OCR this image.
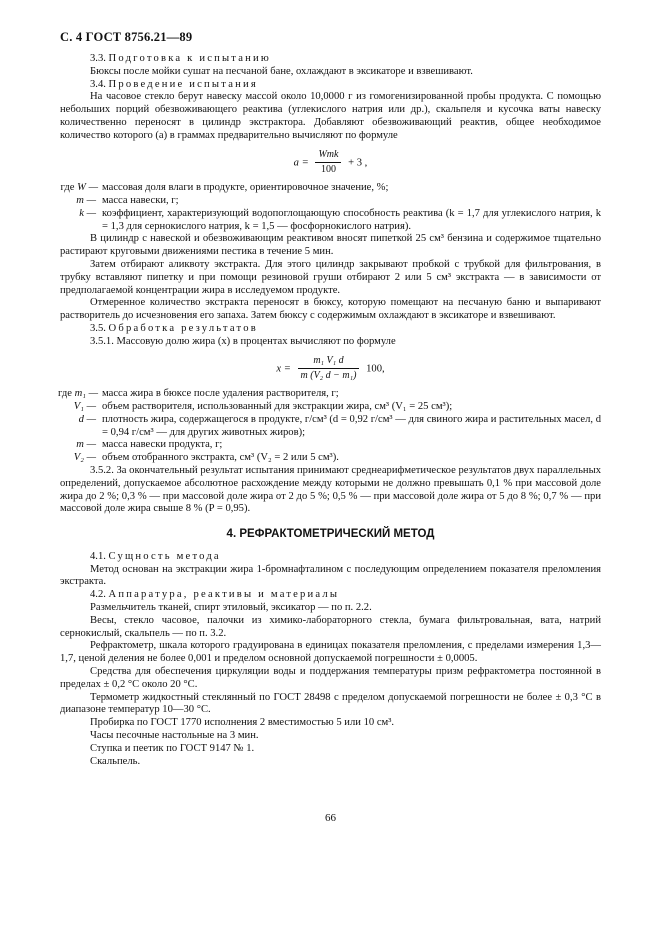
С. 4 ГОСТ 8756.21—89

3.3. Подготовка к испытанию

Бюксы после мойки сушат на песчаной бане, охлаждают в эксикаторе и взвешивают.

3.4. Проведение испытания

На часовое стекло берут навеску массой около 10,0000 г из гомогенизированной пробы продукта. С помощью небольших порций обезвоживающего реактива (углекислого натрия или др.), скальпеля и кусочка ваты навеску количественно переносят в цилиндр экстрактора. Добавляют обезвоживающий реактив, общее необходимое количество которого (a) в граммах предварительно вычисляют по формуле

$a = \frac{\text{Wmk}}{100} + 3$ ,

где W — массовая доля влаги в продукте, ориентировочное значение, %;

m — масса навески, г;

k — коэффициент, характеризующий водопоглощающую способность реактива (k = 1,7 для углекислого натрия, k = 1,3 для сернокислого натрия, k = 1,5 — фосфорнокислого натрия).

В цилиндр с навеской и обезвоживающим реактивом вносят пипеткой 25 см³ бензина и содержимое тщательно растирают круговыми движениями пестика в течение 5 мин.

Затем отбирают аликвоту экстракта. Для этого цилиндр закрывают пробкой с трубкой для фильтрования, в трубку вставляют пипетку и при помощи резиновой груши отбирают 2 или 5 см³ экстракта — в зависимости от предполагаемой концентрации жира в исследуемом продукте.

Отмеренное количество экстракта переносят в бюксу, которую помещают на песчаную баню и выпаривают растворитель до исчезновения его запаха. Затем бюксу с содержимым охлаждают в эксикаторе и взвешивают.

3.5. Обработка результатов

3.5.1. Массовую долю жира (x) в процентах вычисляют по формуле

$x = \frac{\text{m₁ V₁ d}}{\text{m (V₂ d − m₁)}} 100$,

где m₁ — масса жира в бюксе после удаления растворителя, г;

V₁ — объем растворителя, использованный для экстракции жира, см³ (V₁ = 25 см³);

d — плотность жира, содержащегося в продукте, г/см³ (d = 0,92 г/см³ — для свиного жира и растительных масел, d = 0,94 г/см³ — для других животных жиров);

m — масса навески продукта, г;

V₂ — объем отобранного экстракта, см³ (V₂ = 2 или 5 см³).

3.5.2. За окончательный результат испытания принимают среднеарифметическое результатов двух параллельных определений, допускаемое абсолютное расхождение между которыми не должно превышать 0,1 % при массовой доле жира до 2 %; 0,3 % — при массовой доле жира от 2 до 5 %; 0,5 % — при массовой доле жира от 5 до 8 %; 0,7 % — при массовой доле жира свыше 8 % (P = 0,95).

4. РЕФРАКТОМЕТРИЧЕСКИЙ МЕТОД

4.1. Сущность метода

Метод основан на экстракции жира 1-бромнафталином с последующим определением показателя преломления экстракта.

4.2. Аппаратура, реактивы и материалы

Размельчитель тканей, спирт этиловый, эксикатор — по п. 2.2.

Весы, стекло часовое, палочки из химико-лабораторного стекла, бумага фильтровальная, вата, натрий сернокислый, скальпель — по п. 3.2.

Рефрактометр, шкала которого градуирована в единицах показателя преломления, с пределами измерения 1,3—1,7, ценой деления не более 0,001 и пределом основной допускаемой погрешности ± 0,0005.

Средства для обеспечения циркуляции воды и поддержания температуры призм рефрактометра постоянной в пределах ± 0,2 °С около 20 °С.

Термометр жидкостный стеклянный по ГОСТ 28498 с пределом допускаемой погрешности не более ± 0,3 °С в диапазоне температур 10—30 °С.

Пробирка по ГОСТ 1770 исполнения 2 вместимостью 5 или 10 см³.

Часы песочные настольные на 3 мин.

Ступка и пеетик по ГОСТ 9147 № 1.

Скальпель.

66
